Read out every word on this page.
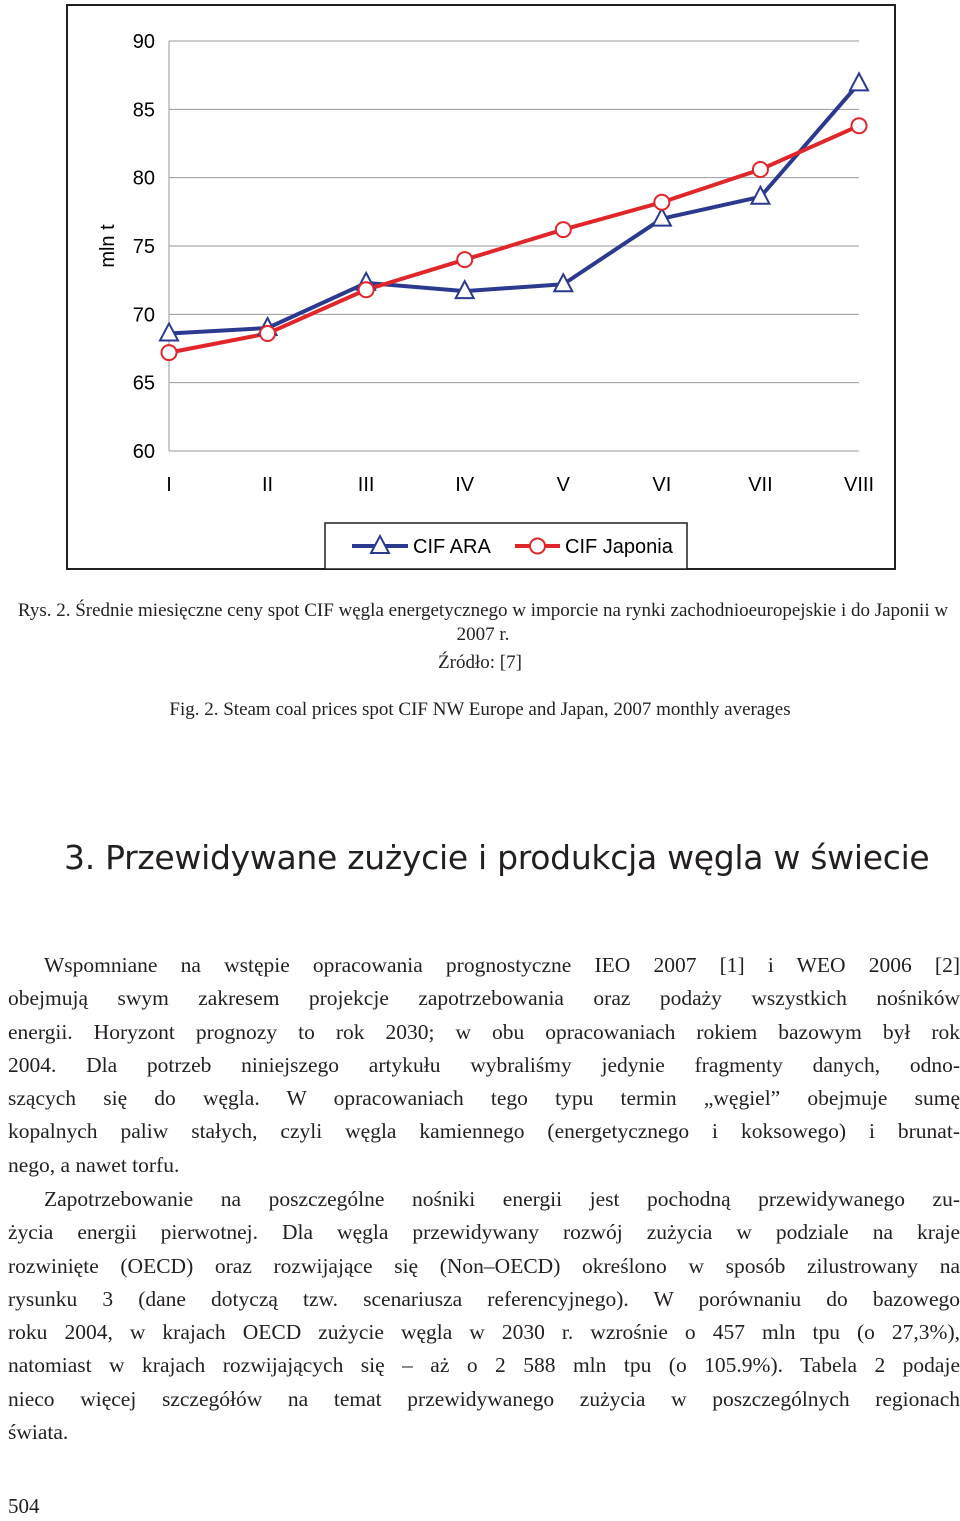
60
65
70
75
80
85
90
I	II	III	IV	V	VI	VII	VIII
mln t
CIF ARA	CIF Japonia
Rys. 2. Średnie miesięczne ceny spot CIF węgla energetycznego w imporcie na rynki zachodnioeuropejskie i do Japonii w 2007 r.
Źródło: [7]
Fig. 2. Steam coal prices spot CIF NW Europe and Japan, 2007 monthly averages
3. Przewidywane zużycie i produkcja węgla w świecie
Wspomniane na wstępie opracowania prognostyczne IEO 2007 [1] i WEO 2006 [2]
obejmują swym zakresem projekcje zapotrzebowania oraz podaży wszystkich nośników
energii. Horyzont prognozy to rok 2030; w obu opracowaniach rokiem bazowym był rok
2004. Dla potrzeb niniejszego artykułu wybraliśmy jedynie fragmenty danych, odno-
szących się do węgla. W opracowaniach tego typu termin „węgiel” obejmuje sumę
kopalnych paliw stałych, czyli węgla kamiennego (energetycznego i koksowego) i brunat-
nego, a nawet torfu.
Zapotrzebowanie na poszczególne nośniki energii jest pochodną przewidywanego zu-
życia energii pierwotnej. Dla węgla przewidywany rozwój zużycia w podziale na kraje
rozwinięte (OECD) oraz rozwijające się (Non–OECD) określono w sposób zilustrowany na
rysunku 3 (dane dotyczą tzw. scenariusza referencyjnego). W porównaniu do bazowego
roku 2004, w krajach OECD zużycie węgla w 2030 r. wzrośnie o 457 mln tpu (o 27,3%),
natomiast w krajach rozwijających się – aż o 2 588 mln tpu (o 105.9%). Tabela 2 podaje
nieco więcej szczegółów na temat przewidywanego zużycia w poszczególnych regionach
świata.
504
